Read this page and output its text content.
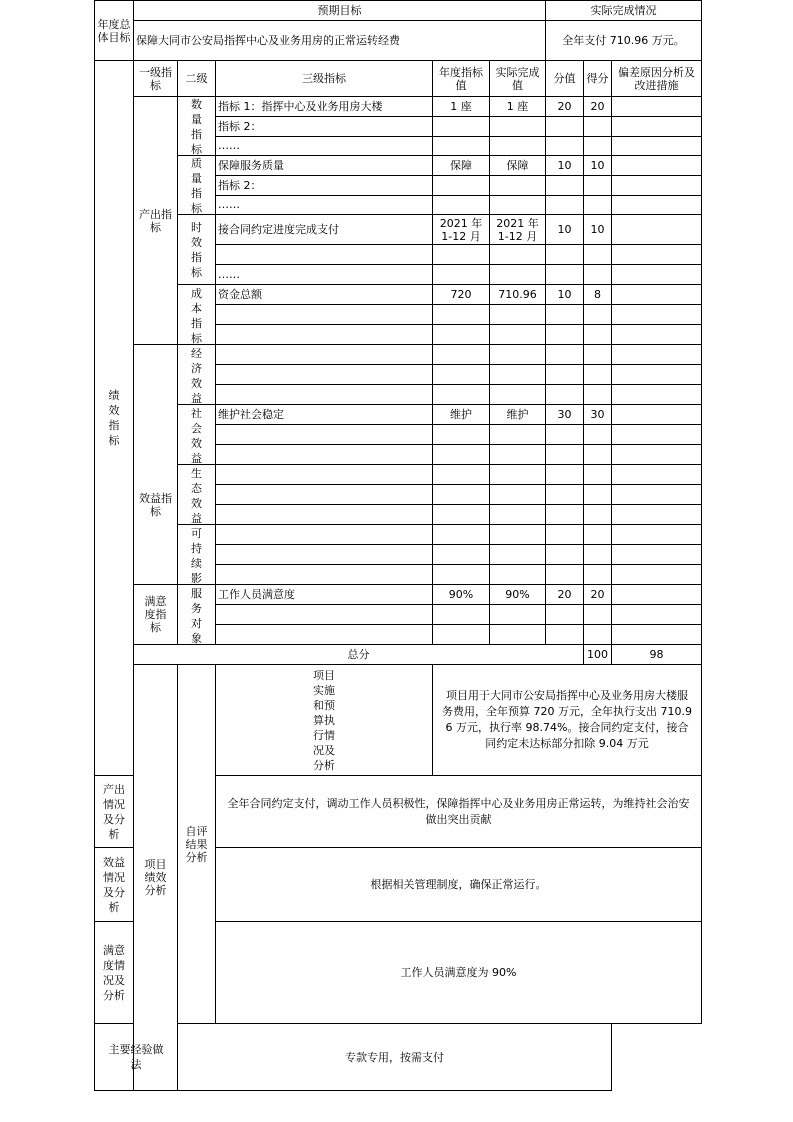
年度总体目标	预期目标					实际完成情况			
	保障大同市公安局指挥中心及业务用房的正常运转经费					全年支付 710.96 万元。			

绩效指标	一级指标	二级	三级指标	年度指标值	实际完成值	分值	得分	偏差原因分析及改进措施	
	产出指标	数量指标	指标 1：指挥中心及业务用房大楼	1 座	1 座	20	20		
			指标 2：						
			……						

		质量指标	保障服务质量	保障	保障	10	10		
			指标 2：						
			……						

		时效指标	接合同约定进度完成支付	2021 年 1-12 月	2021 年 1-12 月	10	10		

			……						

		成本指标	资金总额	720	710.96	10	8		

	效益指标	经济效益							

		社会效益	维护社会稳定	维护	维护	30	30		

		生态效益							

		可持续影							

	满意度指标	服务对象	工作人员满意度	90%	90%	20	20		

	总分						100	98	

	项目绩效分析	自评结果分析	项目实施和预算执行情况及分析	项目用于大同市公安局指挥中心及业务用房大楼服务费用，全年预算 720 万元，全年执行支出 710.96 万元，执行率 98.74%。接合同约定支付，接合同约定未达标部分扣除 9.04 万元					

产出情况及分析			全年合同约定支付，调动工作人员积极性，保障指挥中心及业务用房正常运转，为维持社会治安做出突出贡献						

效益情况及分析			根据相关管理制度，确保正常运行。						

满意度情况及分析			工作人员满意度为 90%						

主要经验做法		专款专用，按需支付							
